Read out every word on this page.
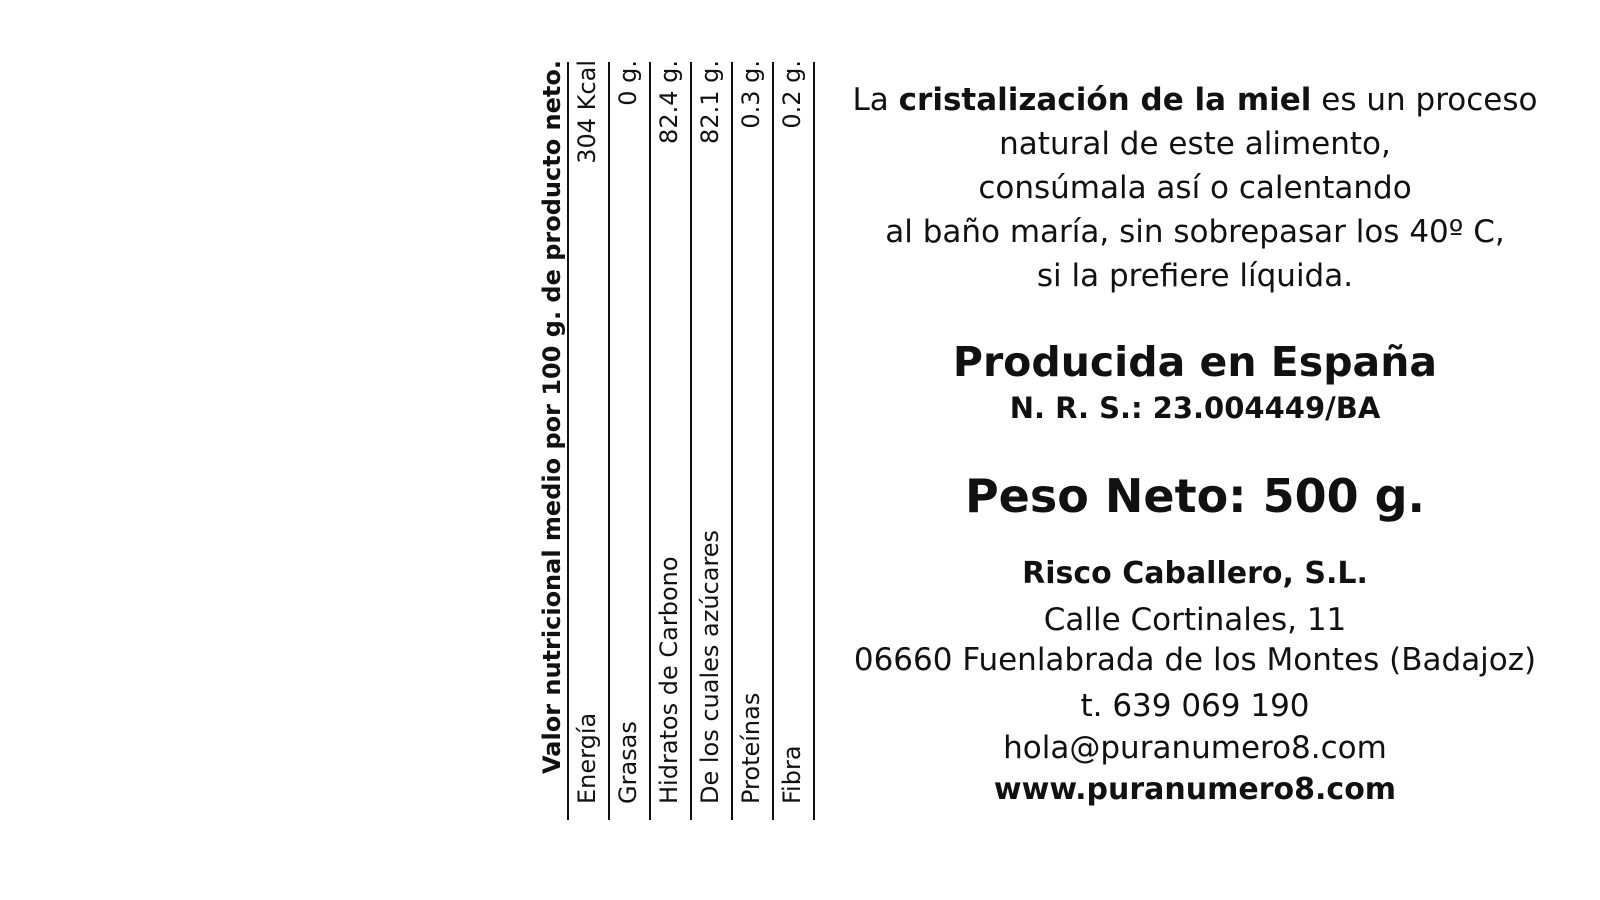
Valor nutricional medio por 100 g. de producto neto. Energía
304 Kcal
Grasas
0 g.
Hidratos de Carbono
82.4 g.
De los cuales azúcares
82.1 g.
Proteínas
0.3 g.
Fibra
0.2 g.	La cristalización de la miel es un proceso natural de este alimento,
consúmala así o calentando
al baño maría, sin sobrepasar los 40º C,
si la prefiere líquida.

Producida en España
N. R. S.: 23.004449/BA
Peso Neto: 500 g.
Risco Caballero, S.L.
Calle Cortinales, 11
06660 Fuenlabrada de los Montes (Badajoz)
t. 639 069 190
hola@puranumero8.com
www.puranumero8.com
